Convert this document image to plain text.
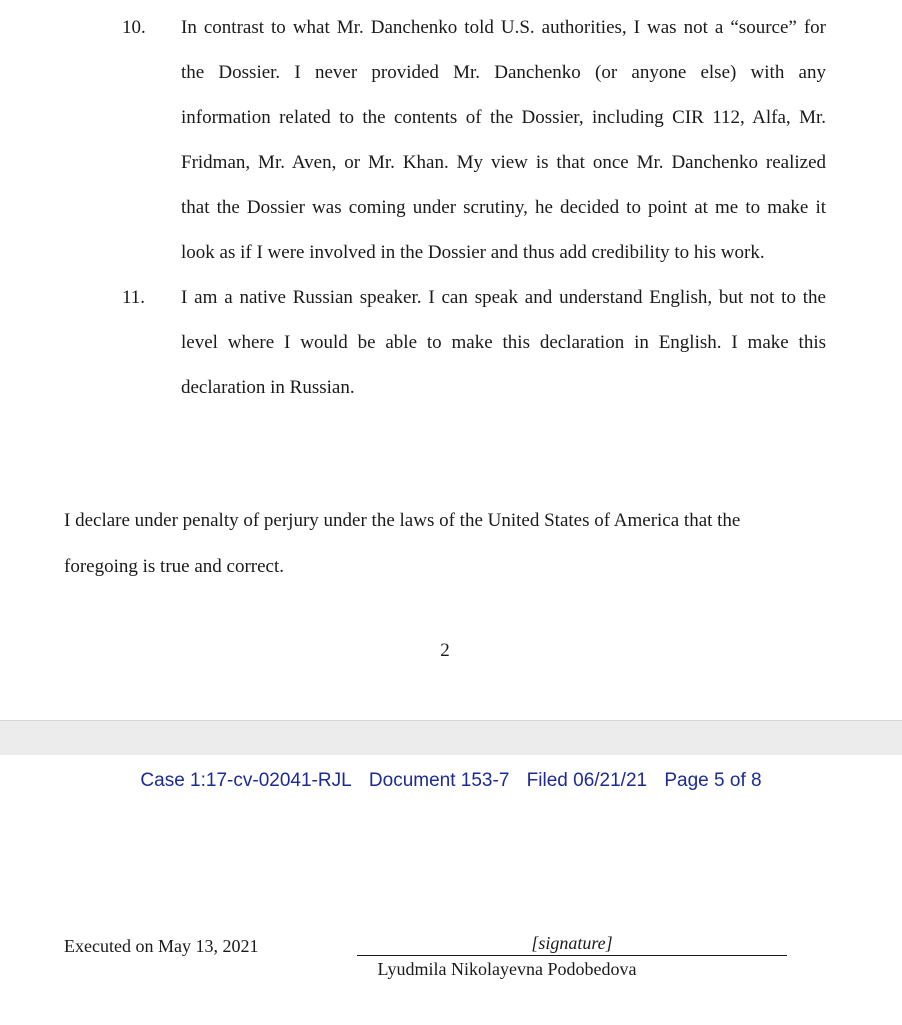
10. In contrast to what Mr. Danchenko told U.S. authorities, I was not a “source” for
the Dossier. I never provided Mr. Danchenko (or anyone else) with any
information related to the contents of the Dossier, including CIR 112, Alfa, Mr.
Fridman, Mr. Aven, or Mr. Khan. My view is that once Mr. Danchenko realized
that the Dossier was coming under scrutiny, he decided to point at me to make it
look as if I were involved in the Dossier and thus add credibility to his work.
11. I am a native Russian speaker. I can speak and understand English, but not to the
level where I would be able to make this declaration in English. I make this
declaration in Russian.
I declare under penalty of perjury under the laws of the United States of America that the
foregoing is true and correct.
2
Case 1:17-cv-02041-RJL Document 153-7 Filed 06/21/21 Page 5 of 8
Executed on May 13, 2021	[signature]
Lyudmila Nikolayevna Podobedova
